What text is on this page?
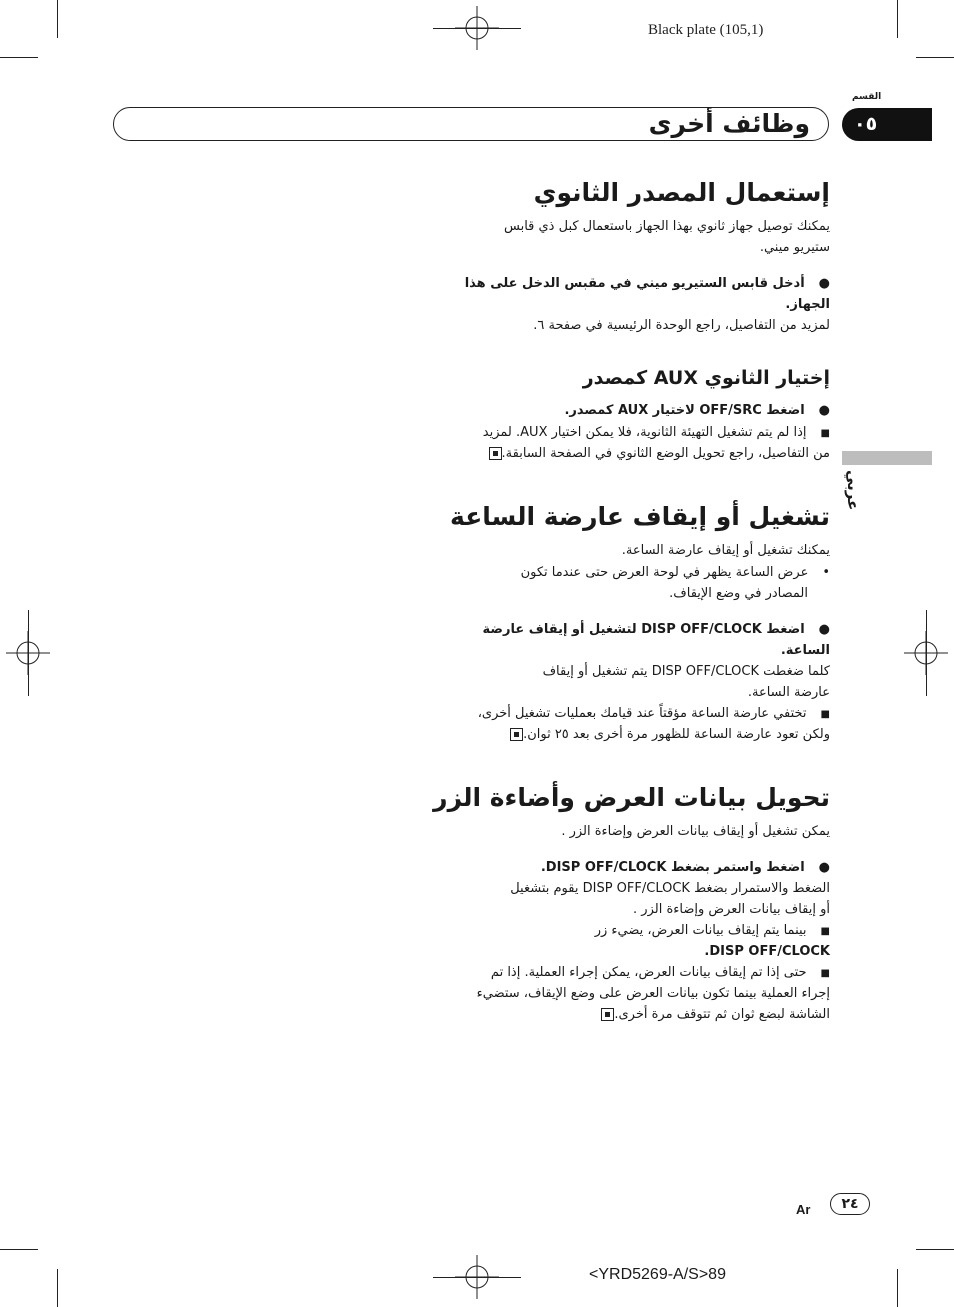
Black plate (105,1)
القسم
وظائف أخرى	٠٥
عربي
إستعمال المصدر الثانوي
يمكنك توصيل جهاز ثانوي بهذا الجهاز باستعمال كبل ذي قابس
ستيريو ميني.
●أدخل قابس الستيريو ميني في مقبس الدخل على هذا
الجهاز.
لمزيد من التفاصيل، راجع الوحدة الرئيسية في صفحة ٦.
إختيار الثانوي AUX كمصدر
●اضغط OFF/SRC لاختيار AUX كمصدر.
■إذا لم يتم تشغيل التهيئة الثانوية، فلا يمكن اختيار AUX. لمزيد
من التفاصيل، راجع تحويل الوضع الثانوي في الصفحة السابقة.
تشغيل أو إيقاف عارضة الساعة
يمكنك تشغيل أو إيقاف عارضة الساعة.
•عرض الساعة يظهر في لوحة العرض حتى عندما تكون
المصادر في وضع الإيقاف.
●اضغط DISP OFF/CLOCK لتشغيل أو إيقاف عارضة
الساعة.
كلما ضغطت DISP OFF/CLOCK يتم تشغيل أو إيقاف
عارضة الساعة.
■تختفي عارضة الساعة مؤقتاً عند قيامك بعمليات تشغيل أخرى،
ولكن تعود عارضة الساعة للظهور مرة أخرى بعد ٢٥ ثوان.
تحويل بيانات العرض وأضاءة الزر
يمكن تشغيل أو إيقاف بيانات العرض وإضاءة الزر .
●اضغط واستمر بضغط DISP OFF/CLOCK.
الضغط والاستمرار بضغط DISP OFF/CLOCK يقوم بتشغيل
أو إيقاف بيانات العرض وإضاءة الزر .
■بينما يتم إيقاف بيانات العرض، يضيء زر
DISP OFF/CLOCK.
■حتى إذا تم إيقاف بيانات العرض، يمكن إجراء العملية. إذا تم
إجراء العملية بينما تكون بيانات العرض على وضع الإيقاف، ستضيء
الشاشة لبضع ثوان ثم تتوقف مرة أخرى.
Ar	٢٤
<YRD5269-A/S>89
